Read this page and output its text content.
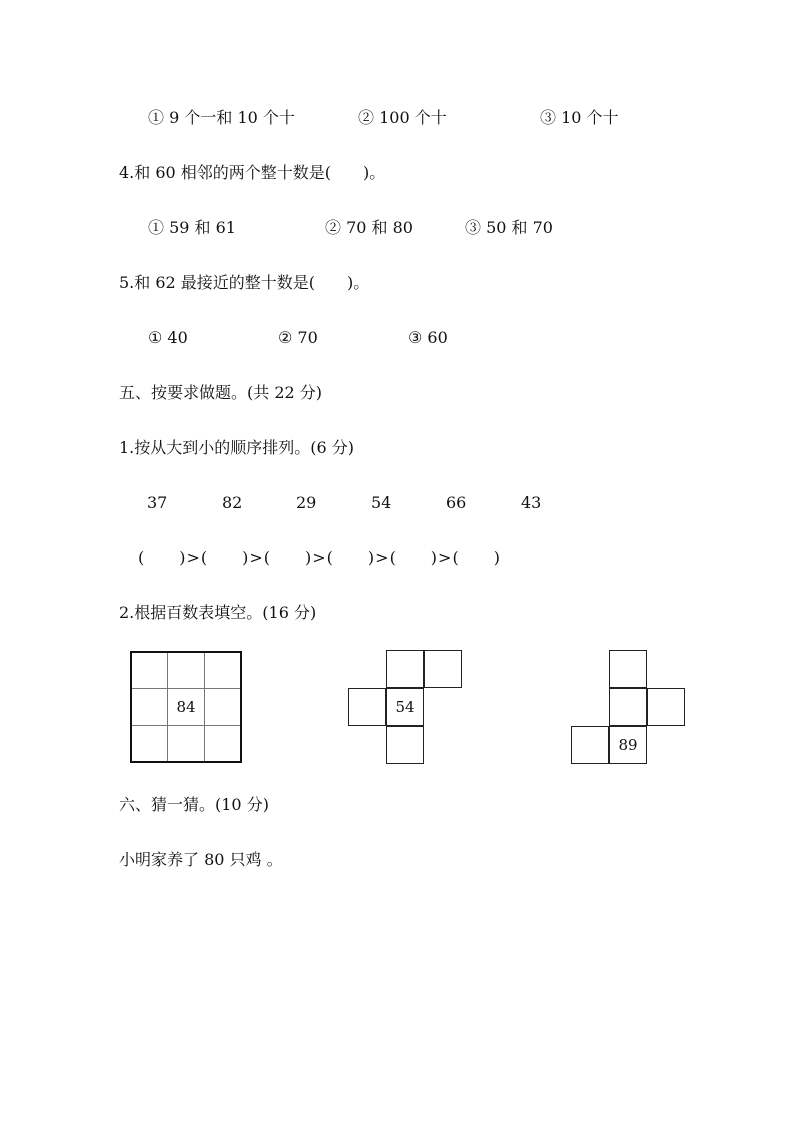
① 9 个一和 10 个十	② 100 个十	③ 10 个十
4.和 60 相邻的两个整十数是(　　)。
① 59 和 61	② 70 和 80	③ 50 和 70
5.和 62 最接近的整十数是(　　)。
① 40	② 70	③ 60
五、按要求做题。(共 22 分)
1.按从大到小的顺序排列。(6 分)
37	82	29	54	66	43
(　　)>(　　)>(　　)>(　　)>(　　)>(　　)
2.根据百数表填空。(16 分)
84	54
89
六、猜一猜。(10 分)
小明家养了 80 只鸡 。
